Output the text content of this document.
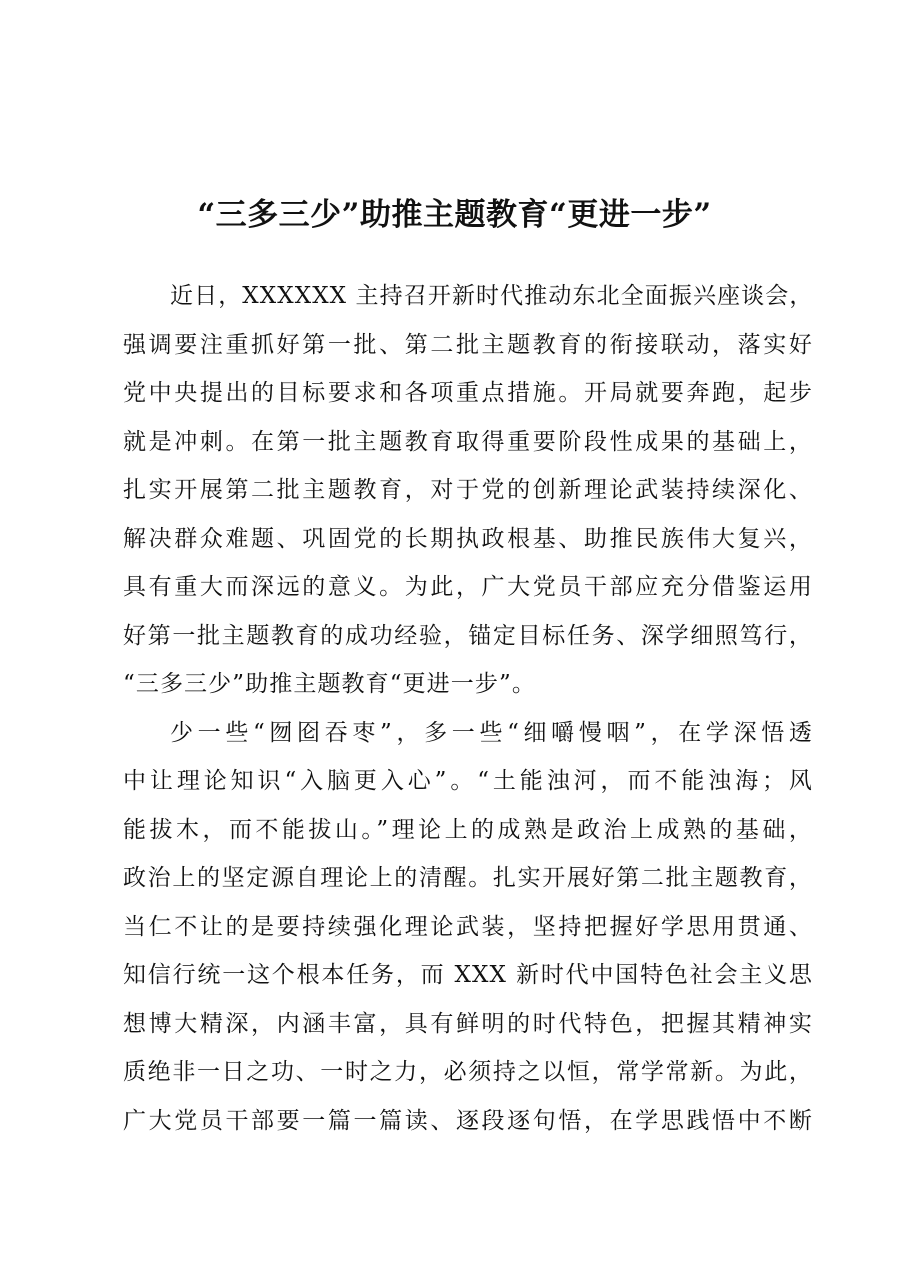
“三多三少”助推主题教育“更进一步”
近日，XXXXXX 主持召开新时代推动东北全面振兴座谈会，
强调要注重抓好第一批、第二批主题教育的衔接联动，落实好
党中央提出的目标要求和各项重点措施。开局就要奔跑，起步
就是冲刺。在第一批主题教育取得重要阶段性成果的基础上，
扎实开展第二批主题教育，对于党的创新理论武装持续深化、
解决群众难题、巩固党的长期执政根基、助推民族伟大复兴，
具有重大而深远的意义。为此，广大党员干部应充分借鉴运用
好第一批主题教育的成功经验，锚定目标任务、深学细照笃行，
“三多三少”助推主题教育“更进一步”。
少一些“囫囵吞枣”，多一些“细嚼慢咽”，在学深悟透
中让理论知识“入脑更入心”。“土能浊河，而不能浊海；风
能拔木，而不能拔山。”理论上的成熟是政治上成熟的基础，
政治上的坚定源自理论上的清醒。扎实开展好第二批主题教育，
当仁不让的是要持续强化理论武装，坚持把握好学思用贯通、
知信行统一这个根本任务，而 XXX 新时代中国特色社会主义思
想博大精深，内涵丰富，具有鲜明的时代特色，把握其精神实
质绝非一日之功、一时之力，必须持之以恒，常学常新。为此，
广大党员干部要一篇一篇读、逐段逐句悟，在学思践悟中不断
